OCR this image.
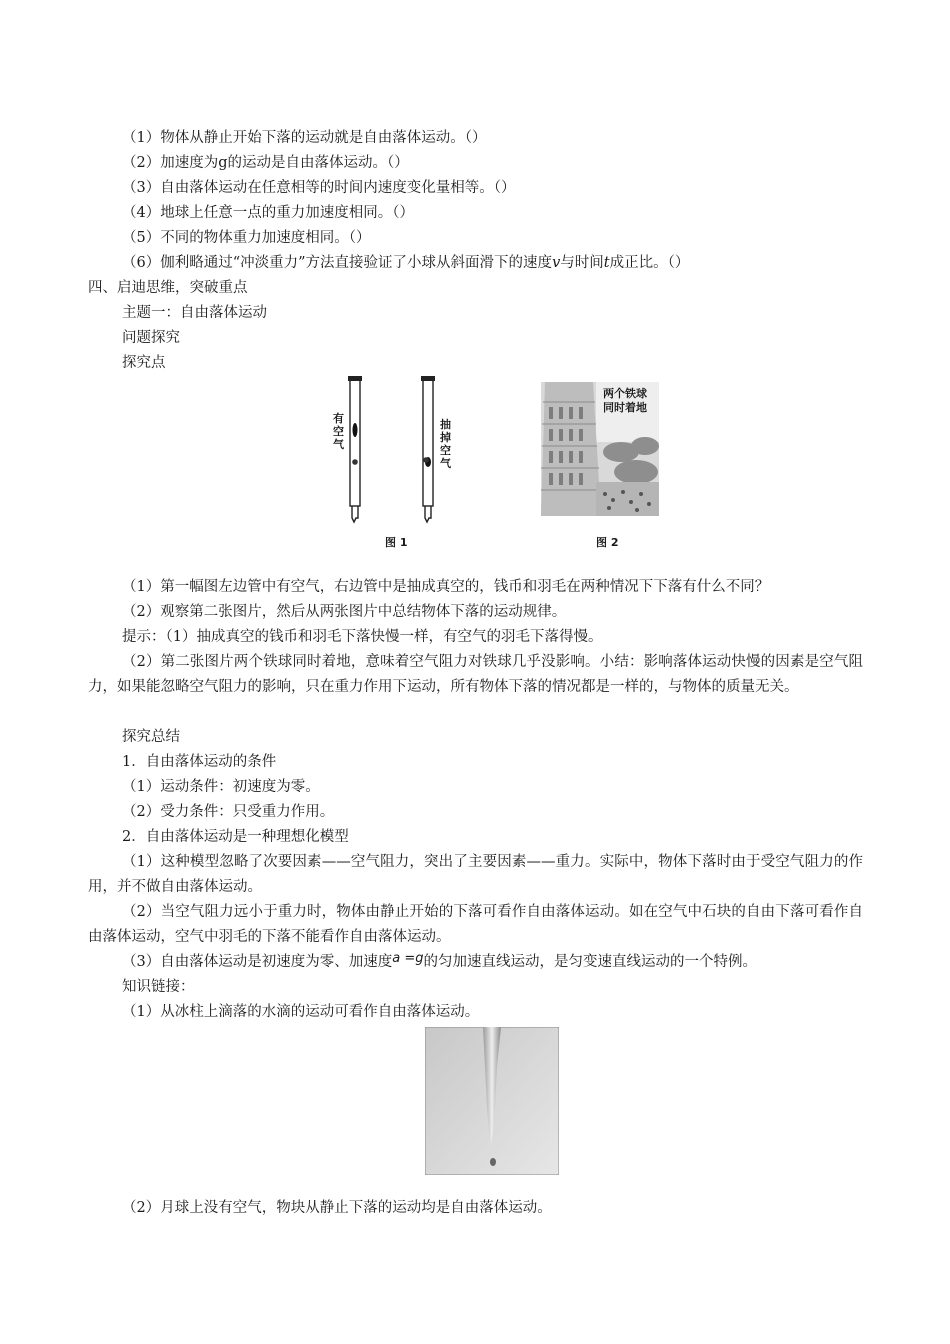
（1）物体从静止开始下落的运动就是自由落体运动。（）
（2）加速度为g的运动是自由落体运动。（）
（3）自由落体运动在任意相等的时间内速度变化量相等。（）
（4）地球上任意一点的重力加速度相同。（）
（5）不同的物体重力加速度相同。（）
（6）伽利略通过“冲淡重力”方法直接验证了小球从斜面滑下的速度v与时间t成正比。（）
四、启迪思维，突破重点
主题一：自由落体运动
问题探究
探究点
有空气
抽掉空气
图 1
两个铁球
同时着地
图 2
（1）第一幅图左边管中有空气，右边管中是抽成真空的，钱币和羽毛在两种情况下下落有什么不同？
（2）观察第二张图片，然后从两张图片中总结物体下落的运动规律。
提示：（1）抽成真空的钱币和羽毛下落快慢一样，有空气的羽毛下落得慢。
（2）第二张图片两个铁球同时着地，意味着空气阻力对铁球几乎没影响。小结：影响落体运动快慢的因素是空气阻力，如果能忽略空气阻力的影响，只在重力作用下运动，所有物体下落的情况都是一样的，与物体的质量无关。
探究总结
1．自由落体运动的条件
（1）运动条件：初速度为零。
（2）受力条件：只受重力作用。
2．自由落体运动是一种理想化模型
（1）这种模型忽略了次要因素——空气阻力，突出了主要因素——重力。实际中，物体下落时由于受空气阻力的作用，并不做自由落体运动。
（2）当空气阻力远小于重力时，物体由静止开始的下落可看作自由落体运动。如在空气中石块的自由下落可看作自由落体运动，空气中羽毛的下落不能看作自由落体运动。
（3）自由落体运动是初速度为零、加速度a =g的匀加速直线运动，是匀变速直线运动的一个特例。
知识链接：
（1）从冰柱上滴落的水滴的运动可看作自由落体运动。
（2）月球上没有空气，物块从静止下落的运动均是自由落体运动。
